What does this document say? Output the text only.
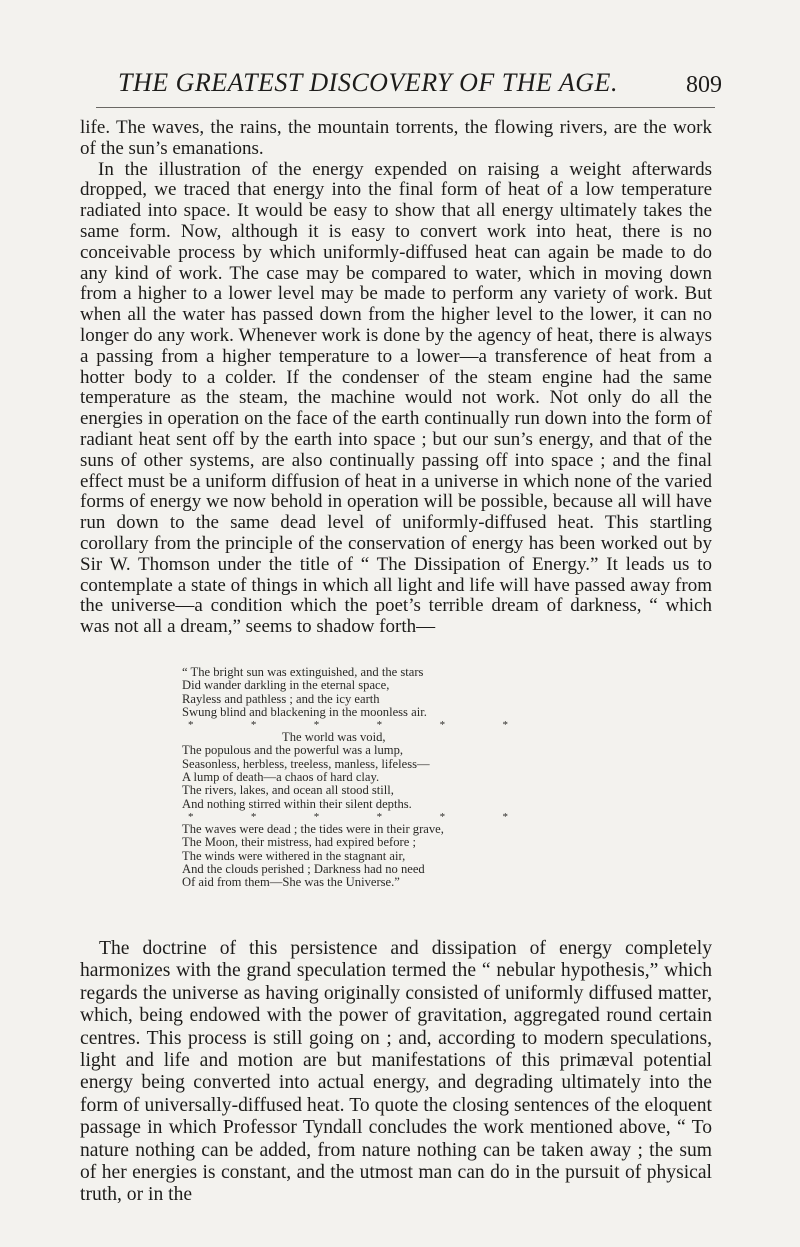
THE GREATEST DISCOVERY OF THE AGE.	809

life. The waves, the rains, the mountain torrents, the flowing rivers, are the work of the sun’s emanations.

In the illustration of the energy expended on raising a weight afterwards dropped, we traced that energy into the final form of heat of a low temperature radiated into space. It would be easy to show that all energy ultimately takes the same form. Now, although it is easy to convert work into heat, there is no conceivable process by which uniformly-diffused heat can again be made to do any kind of work. The case may be compared to water, which in moving down from a higher to a lower level may be made to perform any variety of work. But when all the water has passed down from the higher level to the lower, it can no longer do any work. Whenever work is done by the agency of heat, there is always a passing from a higher temperature to a lower—a transference of heat from a hotter body to a colder. If the condenser of the steam engine had the same temperature as the steam, the machine would not work. Not only do all the energies in operation on the face of the earth continually run down into the form of radiant heat sent off by the earth into space ; but our sun’s energy, and that of the suns of other systems, are also continually passing off into space ; and the final effect must be a uniform diffusion of heat in a universe in which none of the varied forms of energy we now behold in operation will be possible, because all will have run down to the same dead level of uniformly-diffused heat. This startling corollary from the principle of the conservation of energy has been worked out by Sir W. Thomson under the title of “ The Dissipation of Energy.” It leads us to contemplate a state of things in which all light and life will have passed away from the universe—a condition which the poet’s terrible dream of darkness, “ which was not all a dream,” seems to shadow forth—

“ The bright sun was extinguished, and the stars
Did wander darkling in the eternal space,
Rayless and pathless ; and the icy earth
Swung blind and blackening in the moonless air.
*	*	*	*	*	*
The world was void,
The populous and the powerful was a lump,
Seasonless, herbless, treeless, manless, lifeless—
A lump of death—a chaos of hard clay.
The rivers, lakes, and ocean all stood still,
And nothing stirred within their silent depths.
*	*	*	*	*	*
The waves were dead ; the tides were in their grave,
The Moon, their mistress, had expired before ;
The winds were withered in the stagnant air,
And the clouds perished ; Darkness had no need
Of aid from them—She was the Universe.”

The doctrine of this persistence and dissipation of energy completely harmonizes with the grand speculation termed the “ nebular hypothesis,” which regards the universe as having originally consisted of uniformly diffused matter, which, being endowed with the power of gravitation, aggregated round certain centres. This process is still going on ; and, according to modern speculations, light and life and motion are but manifestations of this primæval potential energy being converted into actual energy, and degrading ultimately into the form of universally-diffused heat. To quote the closing sentences of the eloquent passage in which Professor Tyndall concludes the work mentioned above, “ To nature nothing can be added, from nature nothing can be taken away ; the sum of her energies is constant, and the utmost man can do in the pursuit of physical truth, or in the
